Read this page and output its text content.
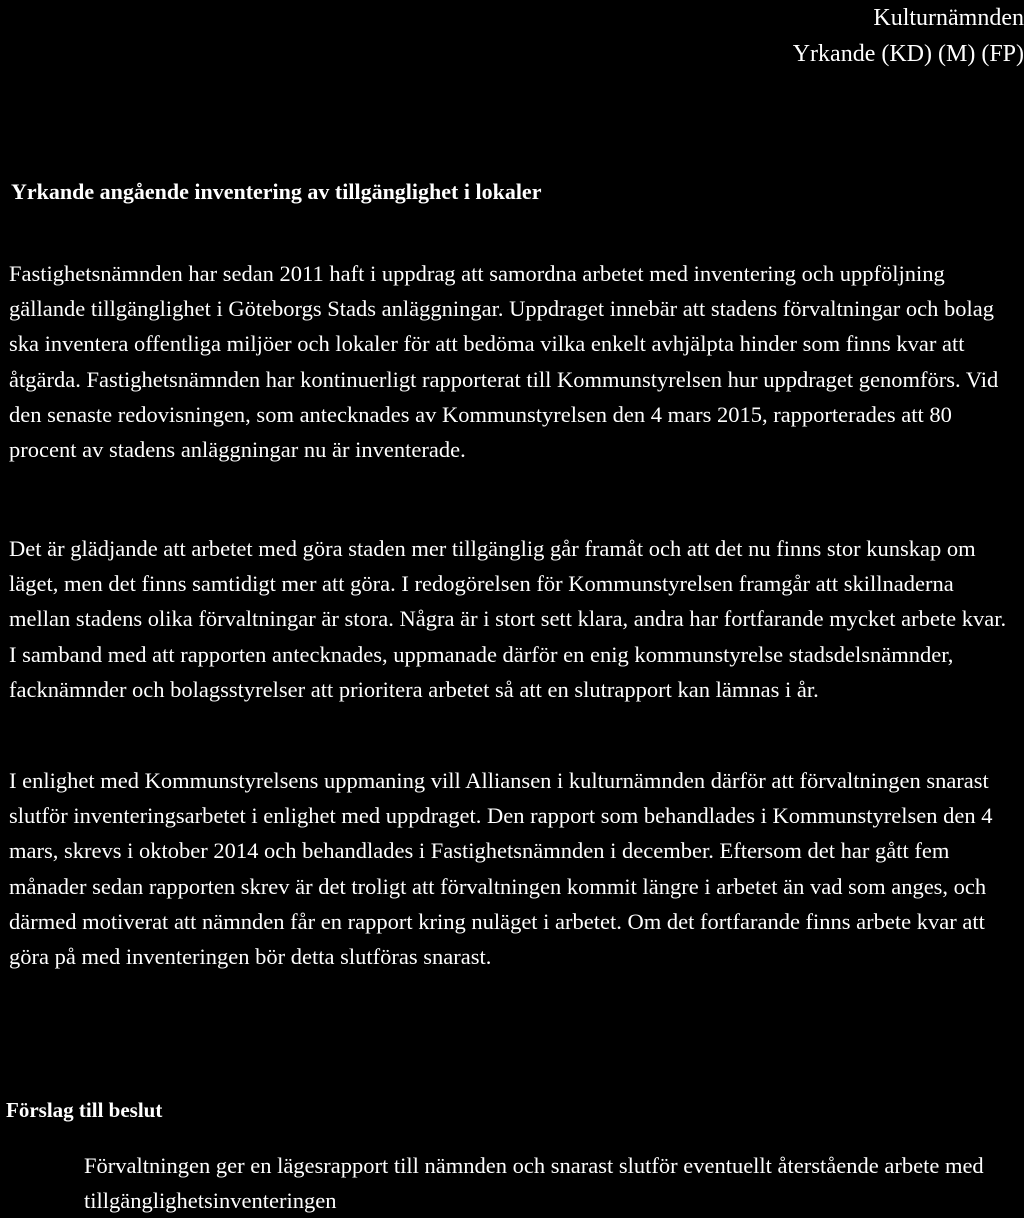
Kulturnämnden
Yrkande (KD) (M) (FP)
Yrkande angående inventering av tillgänglighet i lokaler

Fastighetsnämnden har sedan 2011 haft i uppdrag att samordna arbetet med inventering och uppföljning gällande tillgänglighet i Göteborgs Stads anläggningar. Uppdraget innebär att stadens förvaltningar och bolag ska inventera offentliga miljöer och lokaler för att bedöma vilka enkelt avhjälpta hinder som finns kvar att åtgärda. Fastighetsnämnden har kontinuerligt rapporterat till Kommunstyrelsen hur uppdraget genomförs. Vid den senaste redovisningen, som antecknades av Kommunstyrelsen den 4 mars 2015, rapporterades att 80 procent av stadens anläggningar nu är inventerade.

Det är glädjande att arbetet med göra staden mer tillgänglig går framåt och att det nu finns stor kunskap om läget, men det finns samtidigt mer att göra. I redogörelsen för Kommunstyrelsen framgår att skillnaderna mellan stadens olika förvaltningar är stora. Några är i stort sett klara, andra har fortfarande mycket arbete kvar. I samband med att rapporten antecknades, uppmanade därför en enig kommunstyrelse stadsdelsnämnder, facknämnder och bolagsstyrelser att prioritera arbetet så att en slutrapport kan lämnas i år.

I enlighet med Kommunstyrelsens uppmaning vill Alliansen i kulturnämnden därför att förvaltningen snarast slutför inventeringsarbetet i enlighet med uppdraget. Den rapport som behandlades i Kommunstyrelsen den 4 mars, skrevs i oktober 2014 och behandlades i Fastighetsnämnden i december. Eftersom det har gått fem månader sedan rapporten skrev är det troligt att förvaltningen kommit längre i arbetet än vad som anges, och därmed motiverat att nämnden får en rapport kring nuläget i arbetet. Om det fortfarande finns arbete kvar att göra på med inventeringen bör detta slutföras snarast.

Förslag till beslut

Förvaltningen ger en lägesrapport till nämnden och snarast slutför eventuellt återstående arbete med tillgänglighetsinventeringen
